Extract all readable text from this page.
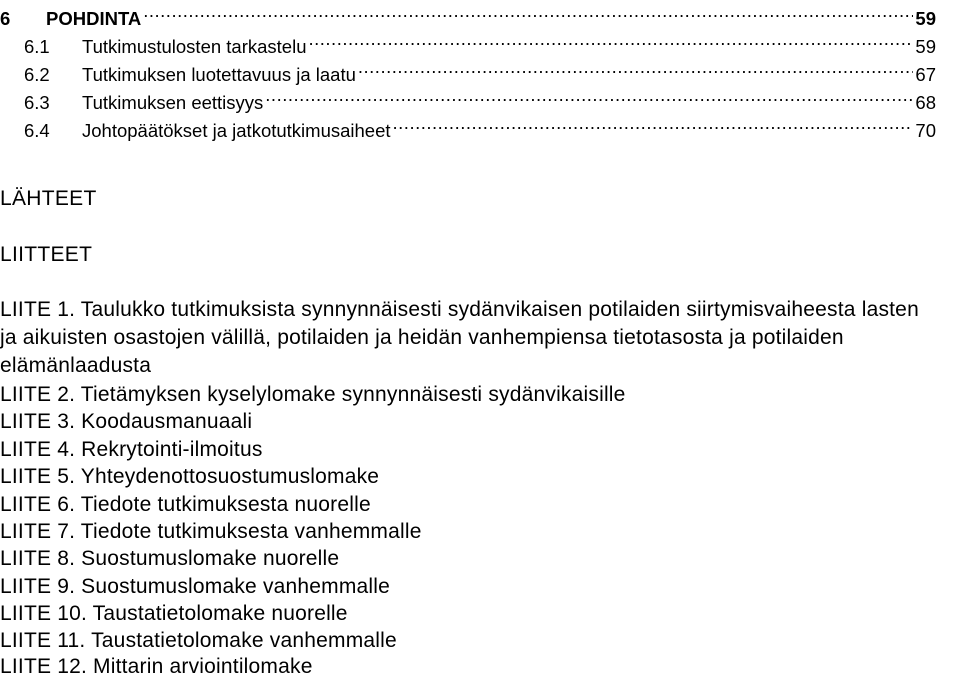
6	POHDINTA .....	59
6.1	Tutkimustulosten tarkastelu .....	59
6.2	Tutkimuksen luotettavuus ja laatu .....	67
6.3	Tutkimuksen eettisyys .....	68
6.4	Johtopäätökset ja jatkotutkimusaiheet .....	70
LÄHTEET
LIITTEET
LIITE 1. Taulukko tutkimuksista synnynnäisesti sydänvikaisen potilaiden siirtymisvaiheesta lasten ja aikuisten osastojen välillä, potilaiden ja heidän vanhempiensa tietotasosta ja potilaiden elämänlaadusta
LIITE 2. Tietämyksen kyselylomake synnynnäisesti sydänvikaisille
LIITE 3. Koodausmanuaali
LIITE 4. Rekrytointi-ilmoitus
LIITE 5. Yhteydenottosuostumuslomake
LIITE 6. Tiedote tutkimuksesta nuorelle
LIITE 7. Tiedote tutkimuksesta vanhemmalle
LIITE 8. Suostumuslomake nuorelle
LIITE 9. Suostumuslomake vanhemmalle
LIITE 10. Taustatietolomake nuorelle
LIITE 11. Taustatietolomake vanhemmalle
LIITE 12. Mittarin arviointilomake
